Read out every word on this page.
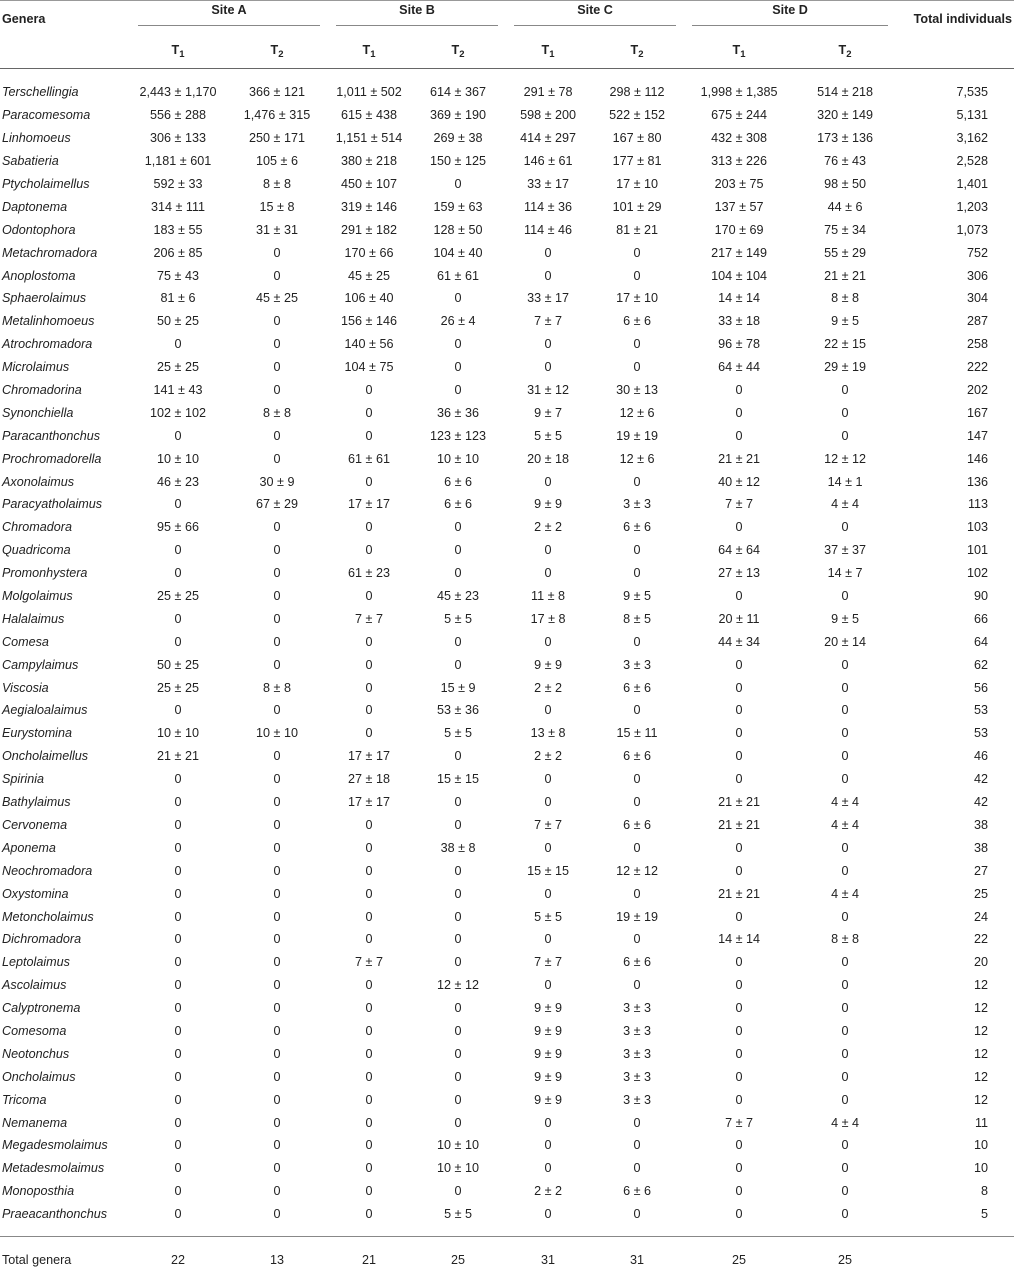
Genera	Site A		Site B		Site C		Site D		Total individuals
	$T_1$	$T_2$	$T_1$	$T_2$	$T_1$	$T_2$	$T_1$	$T_2$	

Terschellingia	2,443 ± 1,170	366 ± 121	1,011 ± 502	614 ± 367	291 ± 78	298 ± 112	1,998 ± 1,385	514 ± 218	7,535
Paracomesoma	556 ± 288	1,476 ± 315	615 ± 438	369 ± 190	598 ± 200	522 ± 152	675 ± 244	320 ± 149	5,131
Linhomoeus	306 ± 133	250 ± 171	1,151 ± 514	269 ± 38	414 ± 297	167 ± 80	432 ± 308	173 ± 136	3,162
Sabatieria	1,181 ± 601	105 ± 6	380 ± 218	150 ± 125	146 ± 61	177 ± 81	313 ± 226	76 ± 43	2,528
Ptycholaimellus	592 ± 33	8 ± 8	450 ± 107	0	33 ± 17	17 ± 10	203 ± 75	98 ± 50	1,401
Daptonema	314 ± 111	15 ± 8	319 ± 146	159 ± 63	114 ± 36	101 ± 29	137 ± 57	44 ± 6	1,203
Odontophora	183 ± 55	31 ± 31	291 ± 182	128 ± 50	114 ± 46	81 ± 21	170 ± 69	75 ± 34	1,073
Metachromadora	206 ± 85	0	170 ± 66	104 ± 40	0	0	217 ± 149	55 ± 29	752
Anoplostoma	75 ± 43	0	45 ± 25	61 ± 61	0	0	104 ± 104	21 ± 21	306
Sphaerolaimus	81 ± 6	45 ± 25	106 ± 40	0	33 ± 17	17 ± 10	14 ± 14	8 ± 8	304
Metalinhomoeus	50 ± 25	0	156 ± 146	26 ± 4	7 ± 7	6 ± 6	33 ± 18	9 ± 5	287
Atrochromadora	0	0	140 ± 56	0	0	0	96 ± 78	22 ± 15	258
Microlaimus	25 ± 25	0	104 ± 75	0	0	0	64 ± 44	29 ± 19	222
Chromadorina	141 ± 43	0	0	0	31 ± 12	30 ± 13	0	0	202
Synonchiella	102 ± 102	8 ± 8	0	36 ± 36	9 ± 7	12 ± 6	0	0	167
Paracanthonchus	0	0	0	123 ± 123	5 ± 5	19 ± 19	0	0	147
Prochromadorella	10 ± 10	0	61 ± 61	10 ± 10	20 ± 18	12 ± 6	21 ± 21	12 ± 12	146
Axonolaimus	46 ± 23	30 ± 9	0	6 ± 6	0	0	40 ± 12	14 ± 1	136
Paracyatholaimus	0	67 ± 29	17 ± 17	6 ± 6	9 ± 9	3 ± 3	7 ± 7	4 ± 4	113
Chromadora	95 ± 66	0	0	0	2 ± 2	6 ± 6	0	0	103
Quadricoma	0	0	0	0	0	0	64 ± 64	37 ± 37	101
Promonhystera	0	0	61 ± 23	0	0	0	27 ± 13	14 ± 7	102
Molgolaimus	25 ± 25	0	0	45 ± 23	11 ± 8	9 ± 5	0	0	90
Halalaimus	0	0	7 ± 7	5 ± 5	17 ± 8	8 ± 5	20 ± 11	9 ± 5	66
Comesa	0	0	0	0	0	0	44 ± 34	20 ± 14	64
Campylaimus	50 ± 25	0	0	0	9 ± 9	3 ± 3	0	0	62
Viscosia	25 ± 25	8 ± 8	0	15 ± 9	2 ± 2	6 ± 6	0	0	56
Aegialoalaimus	0	0	0	53 ± 36	0	0	0	0	53
Eurystomina	10 ± 10	10 ± 10	0	5 ± 5	13 ± 8	15 ± 11	0	0	53
Oncholaimellus	21 ± 21	0	17 ± 17	0	2 ± 2	6 ± 6	0	0	46
Spirinia	0	0	27 ± 18	15 ± 15	0	0	0	0	42
Bathylaimus	0	0	17 ± 17	0	0	0	21 ± 21	4 ± 4	42
Cervonema	0	0	0	0	7 ± 7	6 ± 6	21 ± 21	4 ± 4	38
Aponema	0	0	0	38 ± 8	0	0	0	0	38
Neochromadora	0	0	0	0	15 ± 15	12 ± 12	0	0	27
Oxystomina	0	0	0	0	0	0	21 ± 21	4 ± 4	25
Metoncholaimus	0	0	0	0	5 ± 5	19 ± 19	0	0	24
Dichromadora	0	0	0	0	0	0	14 ± 14	8 ± 8	22
Leptolaimus	0	0	7 ± 7	0	7 ± 7	6 ± 6	0	0	20
Ascolaimus	0	0	0	12 ± 12	0	0	0	0	12
Calyptronema	0	0	0	0	9 ± 9	3 ± 3	0	0	12
Comesoma	0	0	0	0	9 ± 9	3 ± 3	0	0	12
Neotonchus	0	0	0	0	9 ± 9	3 ± 3	0	0	12
Oncholaimus	0	0	0	0	9 ± 9	3 ± 3	0	0	12
Tricoma	0	0	0	0	9 ± 9	3 ± 3	0	0	12
Nemanema	0	0	0	0	0	0	7 ± 7	4 ± 4	11
Megadesmolaimus	0	0	0	10 ± 10	0	0	0	0	10
Metadesmolaimus	0	0	0	10 ± 10	0	0	0	0	10
Monoposthia	0	0	0	0	2 ± 2	6 ± 6	0	0	8
Praeacanthonchus	0	0	0	5 ± 5	0	0	0	0	5

Total genera	22	13	21	25	31	31	25	25	
